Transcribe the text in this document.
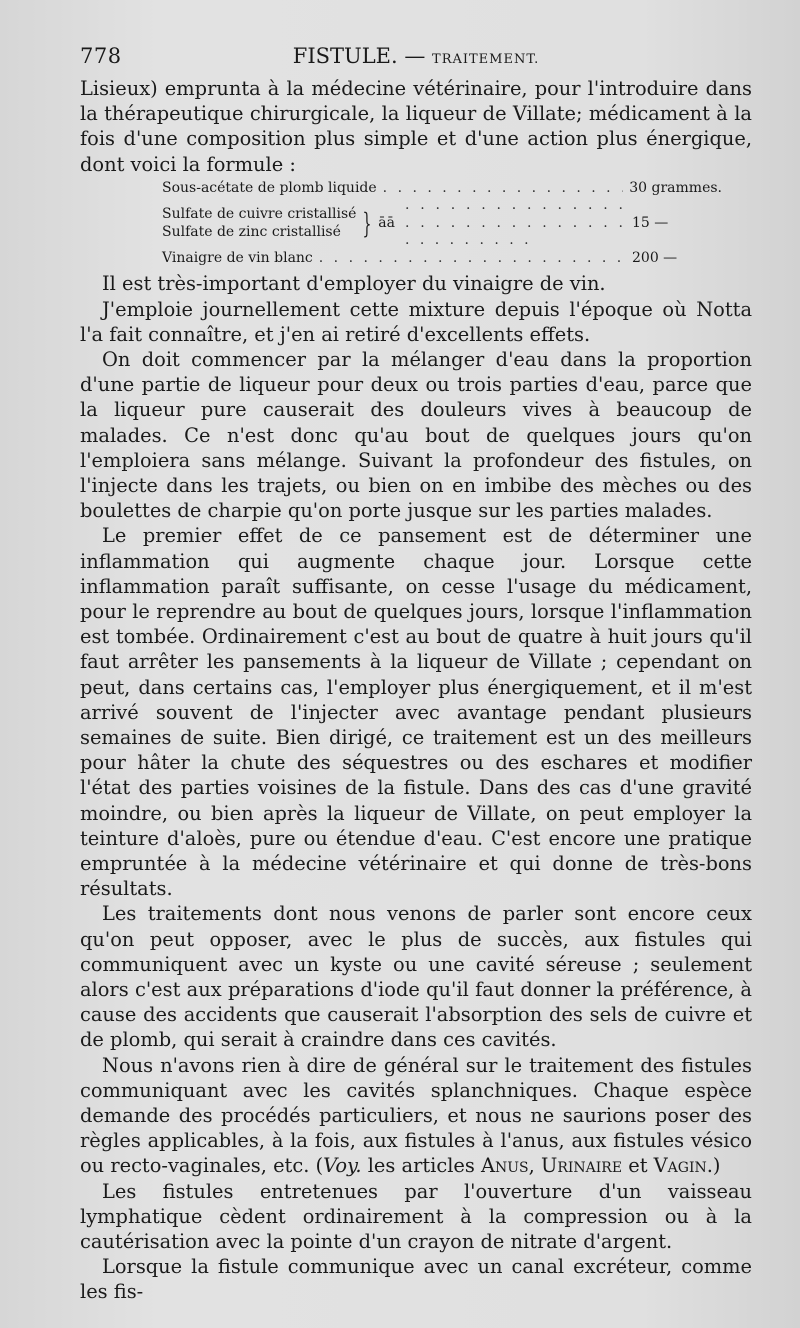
778	FISTULE. — TRAITEMENT.

Lisieux) emprunta à la médecine vétérinaire, pour l'introduire dans la thérapeutique chirurgicale, la liqueur de Villate; médicament à la fois d'une composition plus simple et d'une action plus énergique, dont voici la formule :

Sous-acétate de plomb liquide . . .	30 grammes.
Sulfate de cuivre cristallisé
Sulfate de zinc cristallisé } āā . . .	15 —
Vinaigre de vin blanc . . .	200 —

Il est très-important d'employer du vinaigre de vin.

J'emploie journellement cette mixture depuis l'époque où Notta l'a fait connaître, et j'en ai retiré d'excellents effets.

On doit commencer par la mélanger d'eau dans la proportion d'une partie de liqueur pour deux ou trois parties d'eau, parce que la liqueur pure causerait des douleurs vives à beaucoup de malades. Ce n'est donc qu'au bout de quelques jours qu'on l'emploiera sans mélange. Suivant la profondeur des fistules, on l'injecte dans les trajets, ou bien on en imbibe des mèches ou des boulettes de charpie qu'on porte jusque sur les parties malades.

Le premier effet de ce pansement est de déterminer une inflammation qui augmente chaque jour. Lorsque cette inflammation paraît suffisante, on cesse l'usage du médicament, pour le reprendre au bout de quelques jours, lorsque l'inflammation est tombée. Ordinairement c'est au bout de quatre à huit jours qu'il faut arrêter les pansements à la liqueur de Villate ; cependant on peut, dans certains cas, l'employer plus énergiquement, et il m'est arrivé souvent de l'injecter avec avantage pendant plusieurs semaines de suite. Bien dirigé, ce traitement est un des meilleurs pour hâter la chute des séquestres ou des eschares et modifier l'état des parties voisines de la fistule. Dans des cas d'une gravité moindre, ou bien après la liqueur de Villate, on peut employer la teinture d'aloès, pure ou étendue d'eau. C'est encore une pratique empruntée à la médecine vétérinaire et qui donne de très-bons résultats.

Les traitements dont nous venons de parler sont encore ceux qu'on peut opposer, avec le plus de succès, aux fistules qui communiquent avec un kyste ou une cavité séreuse ; seulement alors c'est aux préparations d'iode qu'il faut donner la préférence, à cause des accidents que causerait l'absorption des sels de cuivre et de plomb, qui serait à craindre dans ces cavités.

Nous n'avons rien à dire de général sur le traitement des fistules communiquant avec les cavités splanchniques. Chaque espèce demande des procédés particuliers, et nous ne saurions poser des règles applicables, à la fois, aux fistules à l'anus, aux fistules vésico ou recto-vaginales, etc. (Voy. les articles Anus, Urinaire et Vagin.)

Les fistules entretenues par l'ouverture d'un vaisseau lymphatique cèdent ordinairement à la compression ou à la cautérisation avec la pointe d'un crayon de nitrate d'argent.

Lorsque la fistule communique avec un canal excréteur, comme les fis-
